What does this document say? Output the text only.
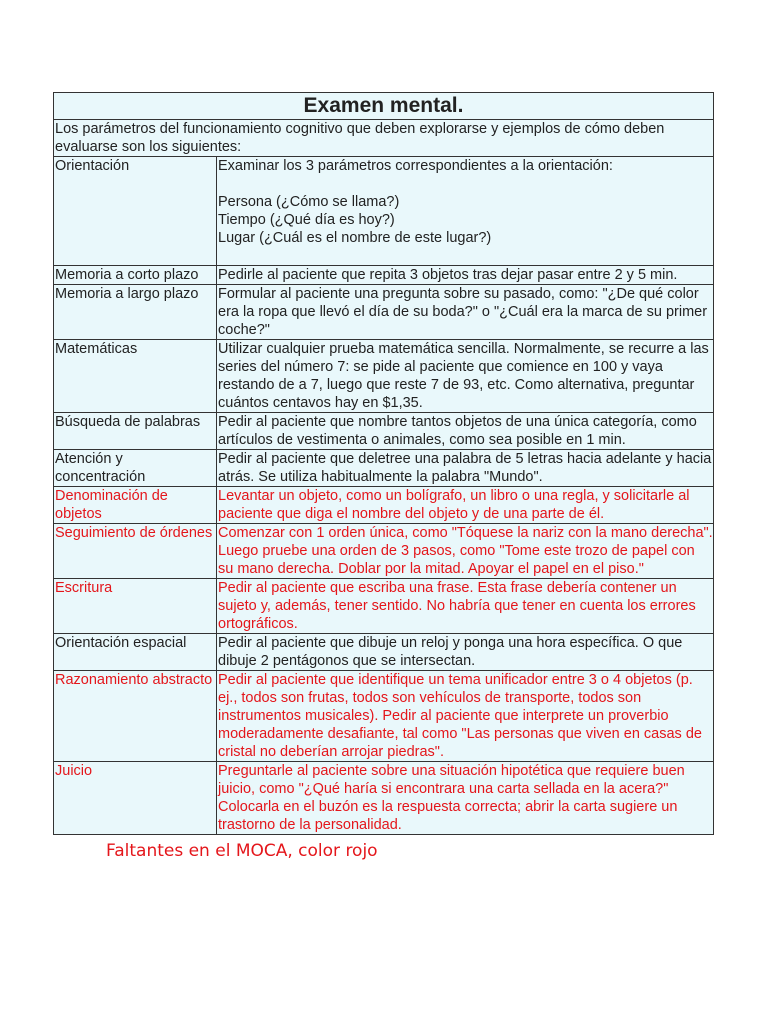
Examen mental.	
Los parámetros del funcionamiento cognitivo que deben explorarse y ejemplos de cómo deben evaluarse son los siguientes:	
Orientación	Examinar los 3 parámetros correspondientes a la orientación:

Persona (¿Cómo se llama?)
Tiempo (¿Qué día es hoy?)
Lugar (¿Cuál es el nombre de este lugar?)

Memoria a corto plazo	Pedirle al paciente que repita 3 objetos tras dejar pasar entre 2 y 5 min.

Memoria a largo plazo	Formular al paciente una pregunta sobre su pasado, como: "¿De qué color era la ropa que llevó el día de su boda?" o "¿Cuál era la marca de su primer coche?"

Matemáticas	Utilizar cualquier prueba matemática sencilla. Normalmente, se recurre a las series del número 7: se pide al paciente que comience en 100 y vaya restando de a 7, luego que reste 7 de 93, etc. Como alternativa, preguntar cuántos centavos hay en $1,35.

Búsqueda de palabras	Pedir al paciente que nombre tantos objetos de una única categoría, como artículos de vestimenta o animales, como sea posible en 1 min.

Atención y concentración	Pedir al paciente que deletree una palabra de 5 letras hacia adelante y hacia atrás. Se utiliza habitualmente la palabra "Mundo".

Denominación de objetos	Levantar un objeto, como un bolígrafo, un libro o una regla, y solicitarle al paciente que diga el nombre del objeto y de una parte de él.

Seguimiento de órdenes	Comenzar con 1 orden única, como "Tóquese la nariz con la mano derecha". Luego pruebe una orden de 3 pasos, como "Tome este trozo de papel con su mano derecha. Doblar por la mitad. Apoyar el papel en el piso."

Escritura	Pedir al paciente que escriba una frase. Esta frase debería contener un sujeto y, además, tener sentido. No habría que tener en cuenta los errores ortográficos.

Orientación espacial	Pedir al paciente que dibuje un reloj y ponga una hora específica. O que dibuje 2 pentágonos que se intersectan.

Razonamiento abstracto	Pedir al paciente que identifique un tema unificador entre 3 o 4 objetos (p. ej., todos son frutas, todos son vehículos de transporte, todos son instrumentos musicales). Pedir al paciente que interprete un proverbio moderadamente desafiante, tal como "Las personas que viven en casas de cristal no deberían arrojar piedras".

Juicio	Preguntarle al paciente sobre una situación hipotética que requiere buen juicio, como "¿Qué haría si encontrara una carta sellada en la acera?" Colocarla en el buzón es la respuesta correcta; abrir la carta sugiere un trastorno de la personalidad.
Faltantes en el MOCA, color rojo
